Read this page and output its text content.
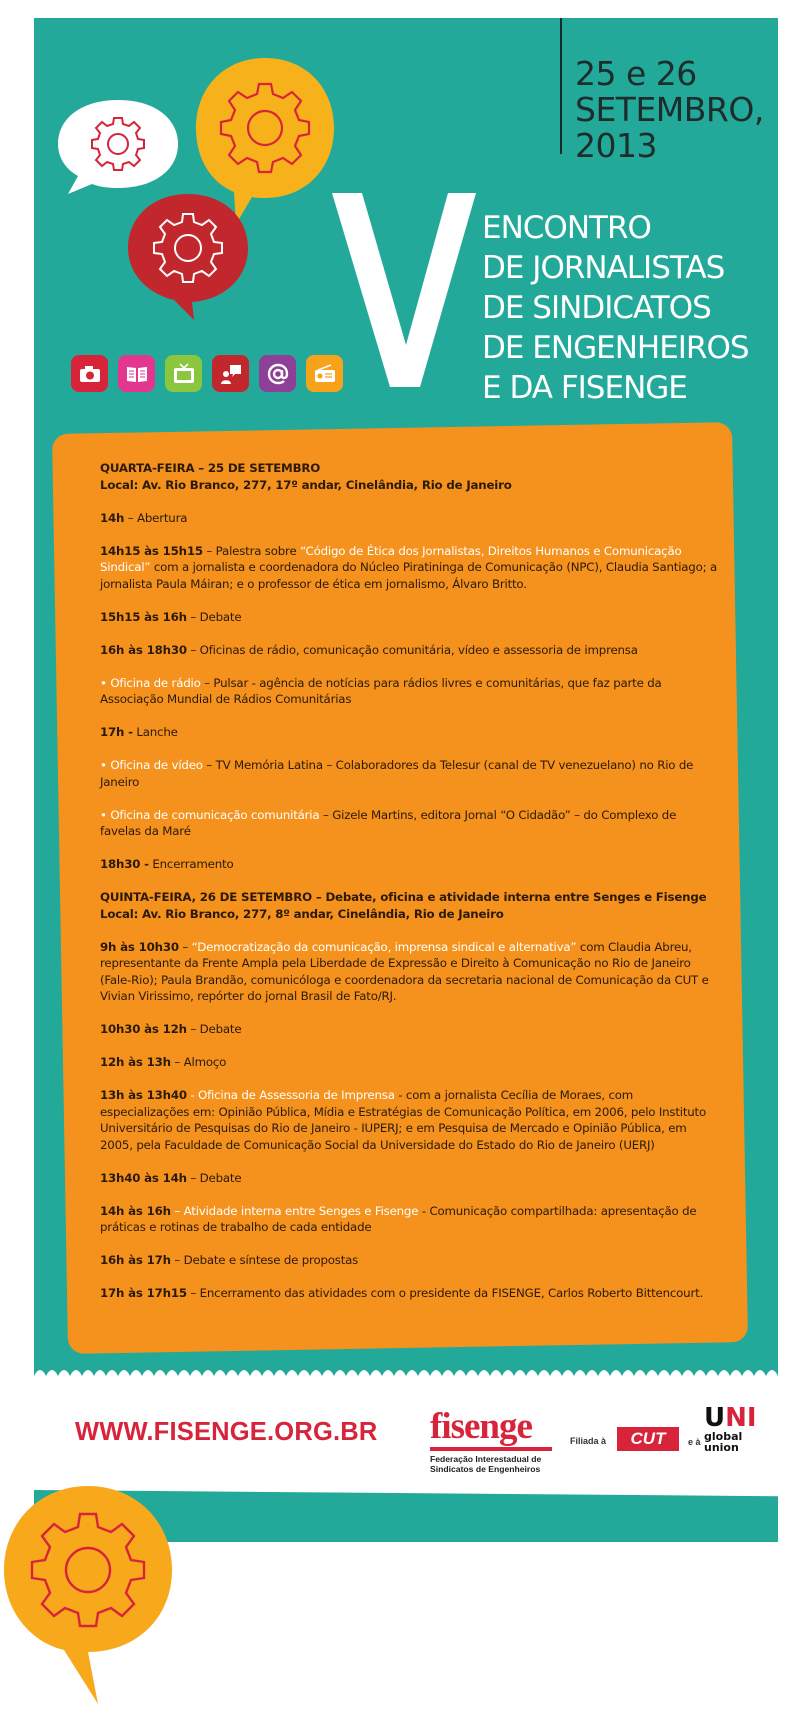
25 e 26
SETEMBRO,
2013
ENCONTRO
DE JORNALISTAS
DE SINDICATOS
DE ENGENHEIROS
E DA FISENGE

QUARTA-FEIRA – 25 DE SETEMBRO

Local: Av. Rio Branco, 277, 17º andar, Cinelândia, Rio de Janeiro

14h – Abertura

14h15 às 15h15 – Palestra sobre “Código de Ética dos Jornalistas, Direitos Humanos e Comunicação Sindical” com a jornalista e coordenadora do Núcleo Piratininga de Comunicação (NPC), Claudia Santiago; a jornalista Paula Máiran; e o professor de ética em jornalismo, Álvaro Britto.

15h15 às 16h – Debate

16h às 18h30 – Oficinas de rádio, comunicação comunitária, vídeo e assessoria de imprensa

• Oficina de rádio – Pulsar - agência de notícias para rádios livres e comunitárias, que faz parte da Associação Mundial de Rádios Comunitárias

17h - Lanche

• Oficina de vídeo – TV Memória Latina – Colaboradores da Telesur (canal de TV venezuelano) no Rio de Janeiro

• Oficina de comunicação comunitária – Gizele Martins, editora Jornal “O Cidadão” – do Complexo de favelas da Maré

18h30 - Encerramento

QUINTA-FEIRA, 26 DE SETEMBRO – Debate, oficina e atividade interna entre Senges e Fisenge

Local: Av. Rio Branco, 277, 8º andar, Cinelândia, Rio de Janeiro

9h às 10h30 – “Democratização da comunicação, imprensa sindical e alternativa” com Claudia Abreu, representante da Frente Ampla pela Liberdade de Expressão e Direito à Comunicação no Rio de Janeiro (Fale-Rio); Paula Brandão, comunicóloga e coordenadora da secretaria nacional de Comunicação da CUT e Vivian Virissimo, repórter do jornal Brasil de Fato/RJ.

10h30 às 12h – Debate

12h às 13h – Almoço

13h às 13h40 - Oficina de Assessoria de Imprensa - com a jornalista Cecília de Moraes, com especializações em: Opinião Pública, Mídia e Estratégias de Comunicação Política, em 2006, pelo Instituto Universitário de Pesquisas do Rio de Janeiro - IUPERJ; e em Pesquisa de Mercado e Opinião Pública, em 2005, pela Faculdade de Comunicação Social da Universidade do Estado do Rio de Janeiro (UERJ)

13h40 às 14h – Debate

14h às 16h – Atividade interna entre Senges e Fisenge - Comunicação compartilhada: apresentação de práticas e rotinas de trabalho de cada entidade

16h às 17h – Debate e síntese de propostas

17h às 17h15 – Encerramento das atividades com o presidente da FISENGE, Carlos Roberto Bittencourt.

WWW.FISENGE.ORG.BR fisenge
Federação Interestadual de
Sindicatos de Engenheiros
Filiada à	CUT	e à
UNI
global
union
